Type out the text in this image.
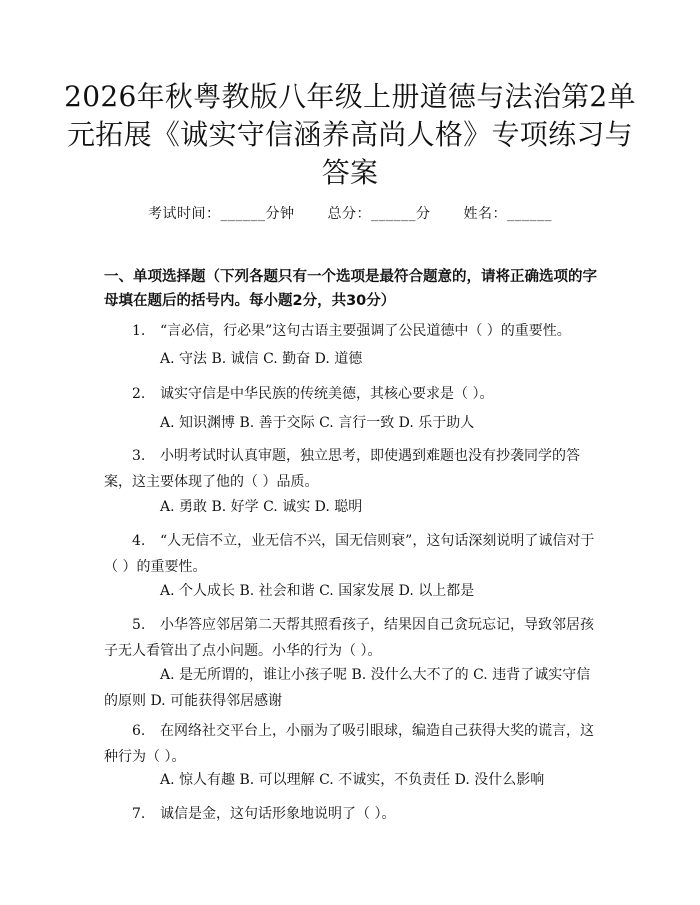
2026年秋粤教版八年级上册道德与法治第2单元拓展《诚实守信涵养高尚人格》专项练习与答案
考试时间：______分钟 总分：______分 姓名：______
一、单项选择题（下列各题只有一个选项是最符合题意的，请将正确选项的字母填在题后的括号内。每小题2分，共30分）
1. “言必信，行必果”这句古语主要强调了公民道德中（ ）的重要性。
A. 守法 B. 诚信 C. 勤奋 D. 道德
2. 诚实守信是中华民族的传统美德，其核心要求是（ ）。
A. 知识渊博 B. 善于交际 C. 言行一致 D. 乐于助人
3. 小明考试时认真审题，独立思考，即使遇到难题也没有抄袭同学的答案，这主要体现了他的（ ）品质。
A. 勇敢 B. 好学 C. 诚实 D. 聪明
4. “人无信不立，业无信不兴，国无信则衰”，这句话深刻说明了诚信对于（ ）的重要性。
A. 个人成长 B. 社会和谐 C. 国家发展 D. 以上都是
5. 小华答应邻居第二天帮其照看孩子，结果因自己贪玩忘记，导致邻居孩子无人看管出了点小问题。小华的行为（ ）。
A. 是无所谓的，谁让小孩子呢 B. 没什么大不了的 C. 违背了诚实守信的原则 D. 可能获得邻居感谢
6. 在网络社交平台上，小丽为了吸引眼球，编造自己获得大奖的谎言，这种行为（ ）。
A. 惊人有趣 B. 可以理解 C. 不诚实，不负责任 D. 没什么影响
7. 诚信是金，这句话形象地说明了（ ）。
